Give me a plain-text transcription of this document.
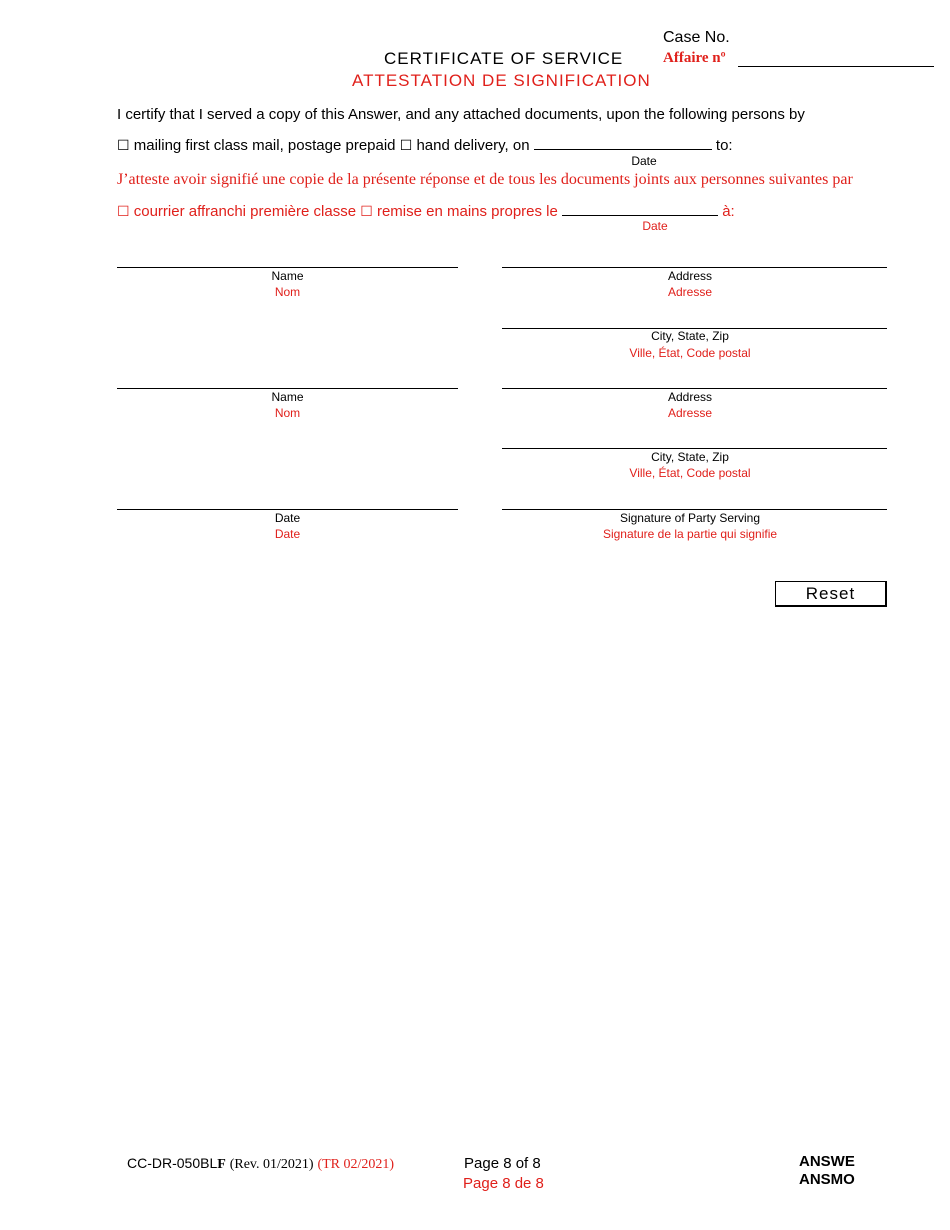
CERTIFICATE OF SERVICE
ATTESTATION DE SIGNIFICATION
Case No.
Affaire nº
I certify that I served a copy of this Answer, and any attached documents, upon the following persons by
☐ mailing first class mail, postage prepaid ☐ hand delivery, on	to:
Date
J’atteste avoir signifié une copie de la présente réponse et de tous les documents joints aux personnes suivantes par
☐ courrier affranchi première classe ☐ remise en mains propres le	à:
Date
Name
Nom
Address
Adresse
City, State, Zip
Ville, État, Code postal
Name
Nom
Address
Adresse
City, State, Zip
Ville, État, Code postal
Date
Date
Signature of Party Serving
Signature de la partie qui signifie
Reset
CC-DR-050BLF (Rev. 01/2021) (TR 02/2021)	Page 8 of 8
Page 8 de 8
ANSWE
ANSMO
